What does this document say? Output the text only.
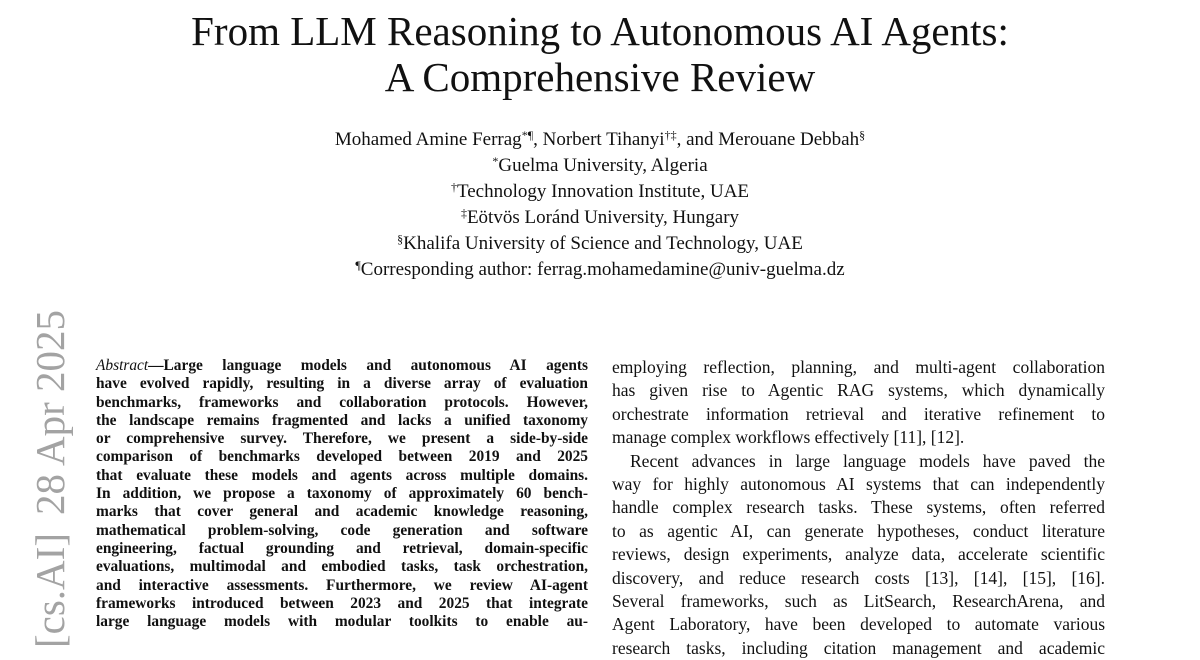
From LLM Reasoning to Autonomous AI Agents:
A Comprehensive Review
Mohamed Amine Ferrag*¶, Norbert Tihanyi†‡, and Merouane Debbah§
*Guelma University, Algeria
†Technology Innovation Institute, UAE
‡Eötvös Loránd University, Hungary
§Khalifa University of Science and Technology, UAE
¶Corresponding author: ferrag.mohamedamine@univ-guelma.dz
[cs.AI]28 Apr 2025 Abstract—Large language models and autonomous AI agents
have evolved rapidly, resulting in a diverse array of evaluation
benchmarks, frameworks and collaboration protocols. However,
the landscape remains fragmented and lacks a unified taxonomy
or comprehensive survey. Therefore, we present a side-by-side
comparison of benchmarks developed between 2019 and 2025
that evaluate these models and agents across multiple domains.
In addition, we propose a taxonomy of approximately 60 bench-
marks that cover general and academic knowledge reasoning,
mathematical problem-solving, code generation and software
engineering, factual grounding and retrieval, domain-specific
evaluations, multimodal and embodied tasks, task orchestration,
and interactive assessments. Furthermore, we review AI-agent
frameworks introduced between 2023 and 2025 that integrate
large language models with modular toolkits to enable au-
employing reflection, planning, and multi-agent collaboration
has given rise to Agentic RAG systems, which dynamically
orchestrate information retrieval and iterative refinement to
manage complex workflows effectively [11], [12].
Recent advances in large language models have paved the
way for highly autonomous AI systems that can independently
handle complex research tasks. These systems, often referred
to as agentic AI, can generate hypotheses, conduct literature
reviews, design experiments, analyze data, accelerate scientific
discovery, and reduce research costs [13], [14], [15], [16].
Several frameworks, such as LitSearch, ResearchArena, and
Agent Laboratory, have been developed to automate various
research tasks, including citation management and academic
